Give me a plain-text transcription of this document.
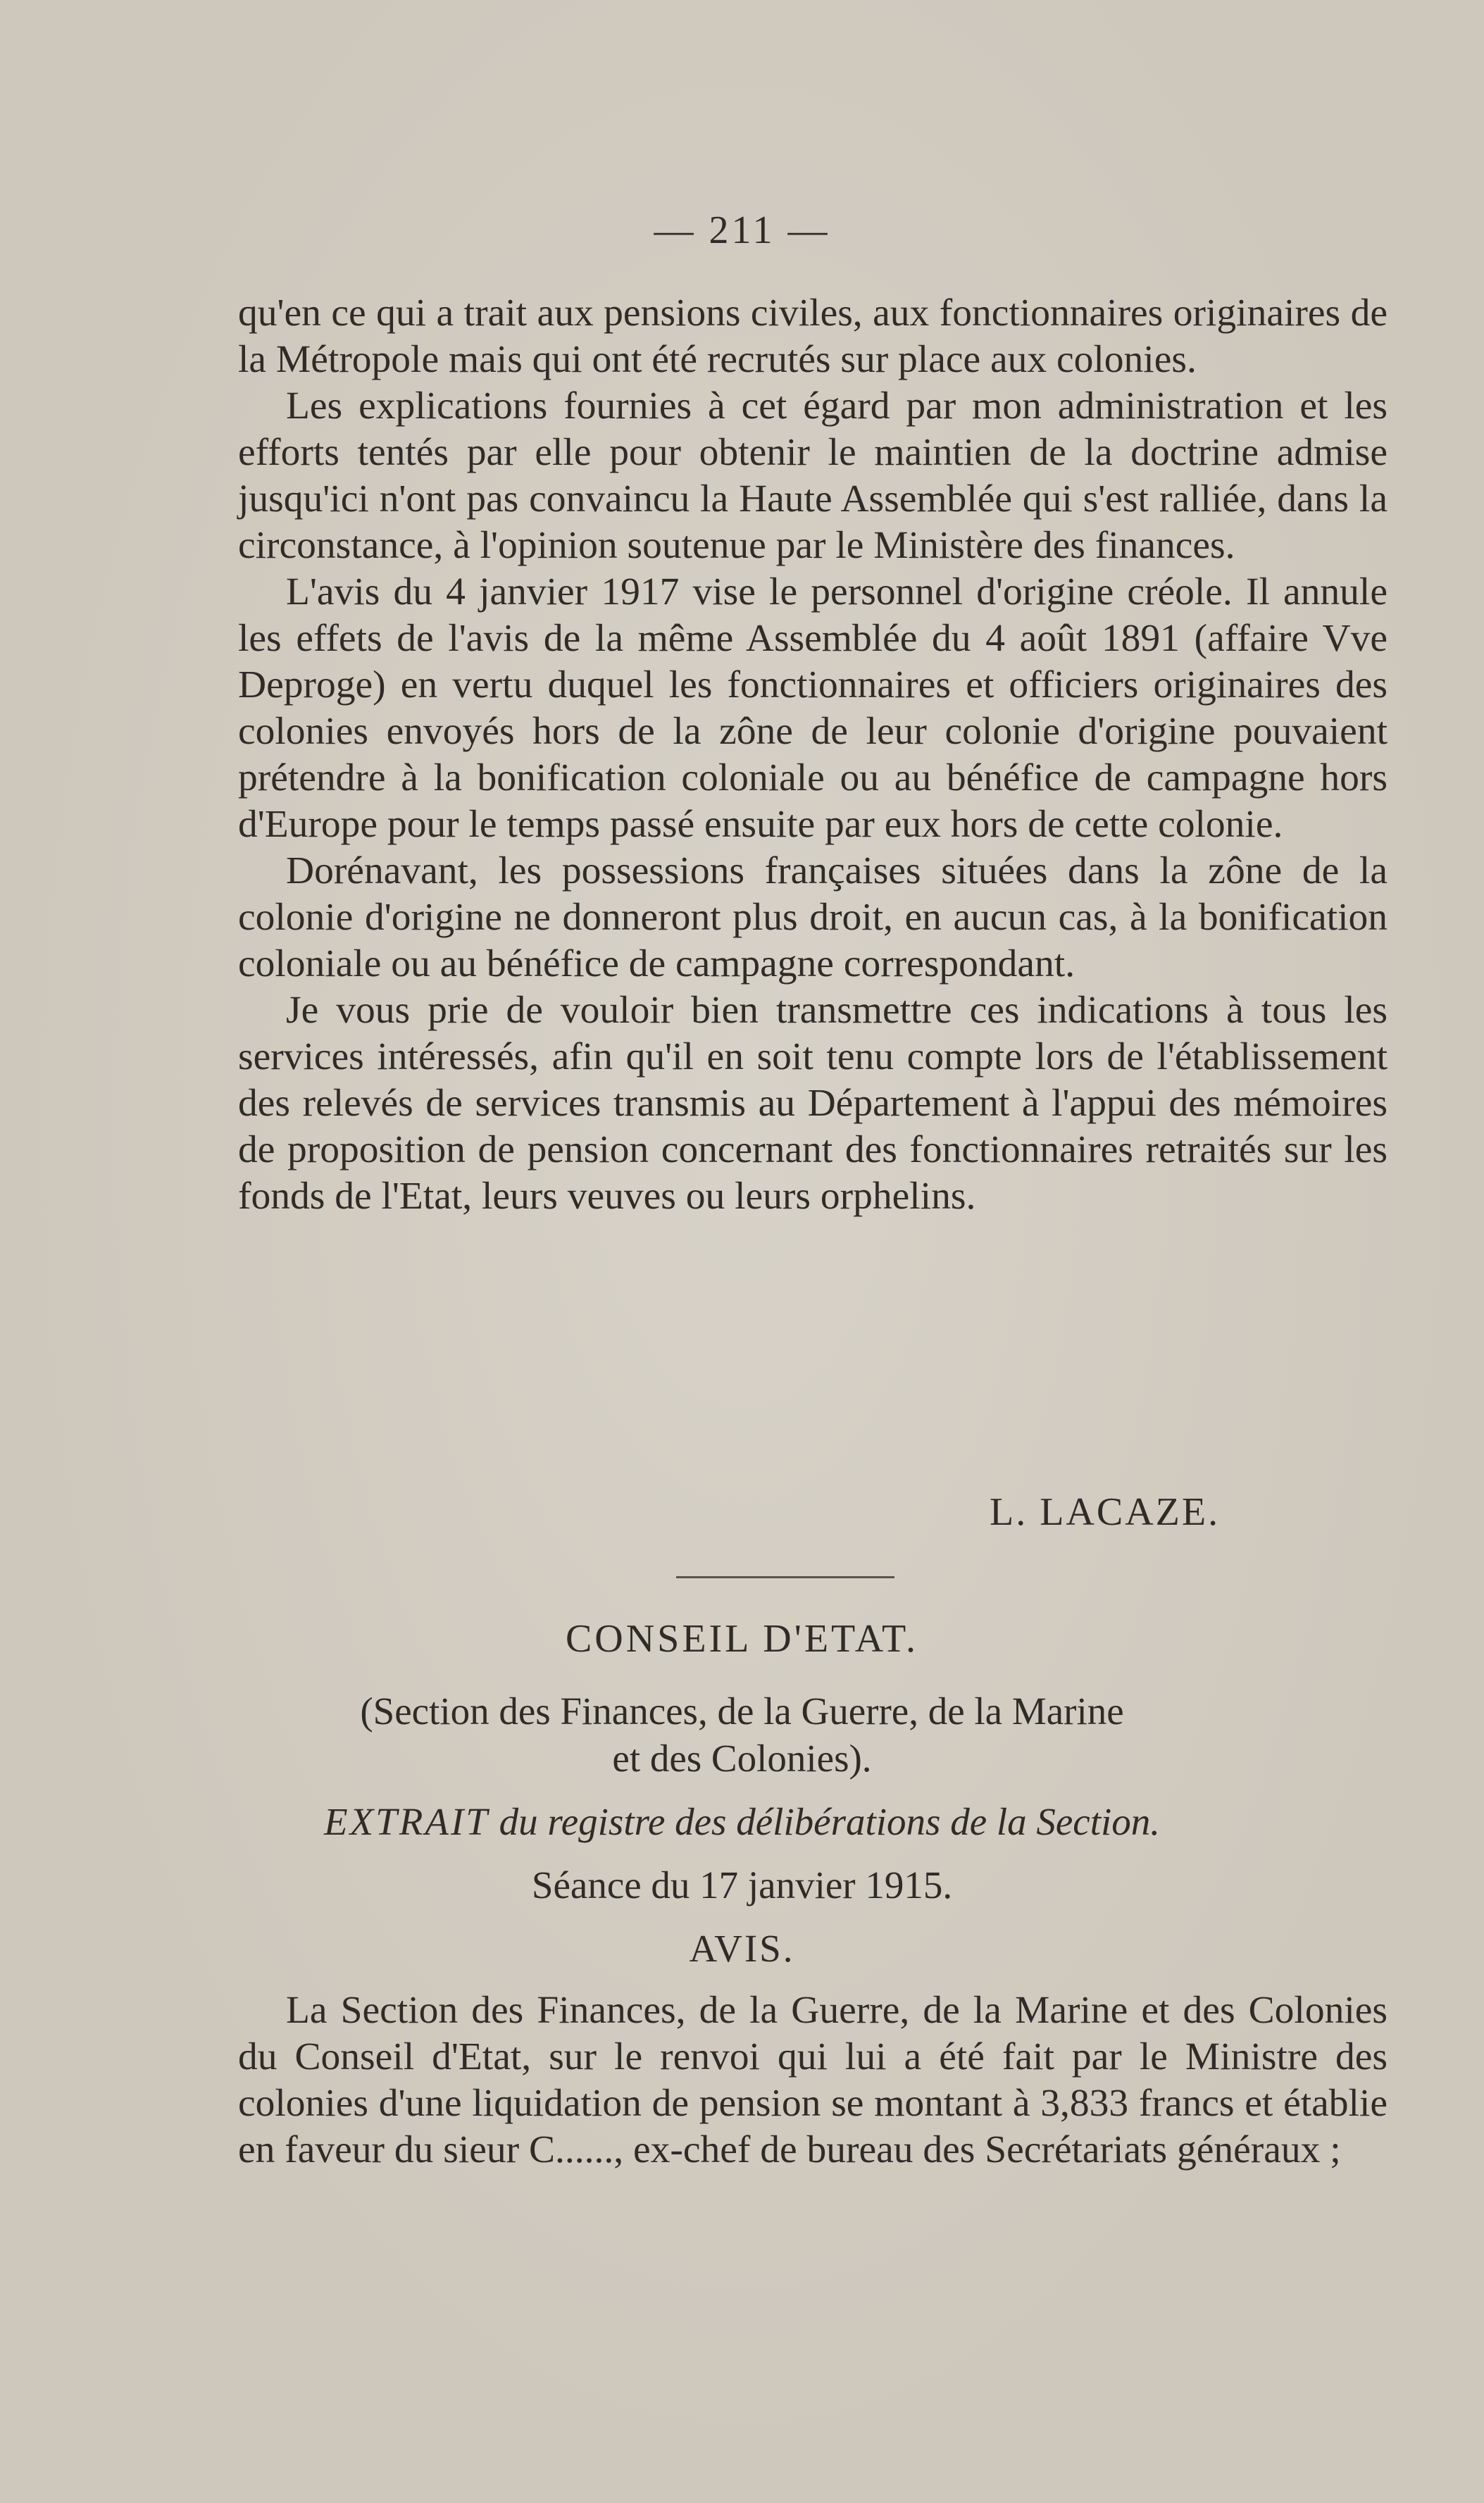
— 211 —

qu'en ce qui a trait aux pensions civiles, aux fonctionnaires originaires de la Métropole mais qui ont été recrutés sur place aux colonies.

Les explications fournies à cet égard par mon administration et les efforts tentés par elle pour obtenir le maintien de la doctrine admise jusqu'ici n'ont pas convaincu la Haute Assemblée qui s'est ralliée, dans la circonstance, à l'opinion soutenue par le Ministère des finances.

L'avis du 4 janvier 1917 vise le personnel d'origine créole. Il annule les effets de l'avis de la même Assemblée du 4 août 1891 (affaire Vve Deproge) en vertu duquel les fonctionnaires et officiers originaires des colonies envoyés hors de la zône de leur colonie d'origine pouvaient prétendre à la bonification coloniale ou au bénéfice de campagne hors d'Europe pour le temps passé ensuite par eux hors de cette colonie.

Dorénavant, les possessions françaises situées dans la zône de la colonie d'origine ne donneront plus droit, en aucun cas, à la bonification coloniale ou au bénéfice de campagne correspondant.

Je vous prie de vouloir bien transmettre ces indications à tous les services intéressés, afin qu'il en soit tenu compte lors de l'établissement des relevés de services transmis au Département à l'appui des mémoires de proposition de pension concernant des fonctionnaires retraités sur les fonds de l'Etat, leurs veuves ou leurs orphelins.

L. LACAZE.
CONSEIL D'ETAT.
(Section des Finances, de la Guerre, de la Marine
et des Colonies).
EXTRAIT du registre des délibérations de la Section.
Séance du 17 janvier 1915.
AVIS.

La Section des Finances, de la Guerre, de la Marine et des Colonies du Conseil d'Etat, sur le renvoi qui lui a été fait par le Ministre des colonies d'une liquidation de pension se montant à 3,833 francs et établie en faveur du sieur C......, ex-chef de bureau des Secrétariats généraux ;
